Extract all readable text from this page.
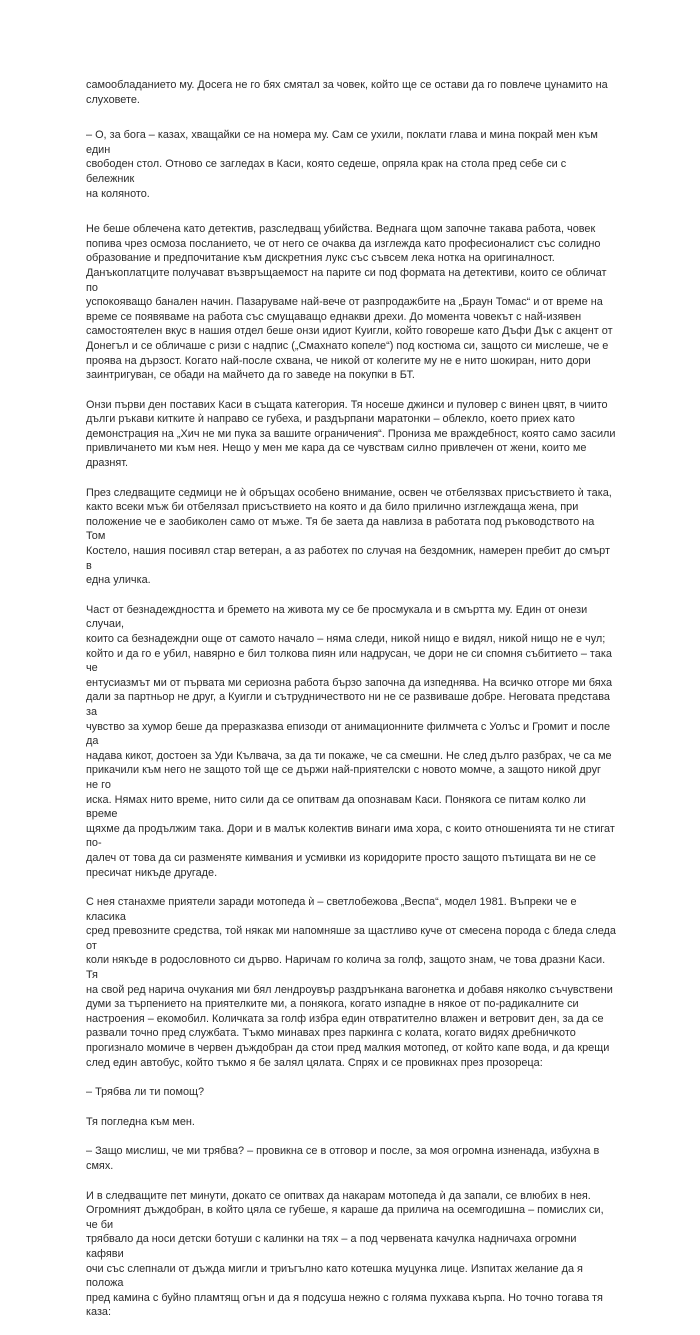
самообладанието му. Досега не го бях смятал за човек, който ще се остави да го повлече цунамито на
слуховете.

– О, за бога – казах, хващайки се на номера му. Сам се ухили, поклати глава и мина покрай мен към един
свободен стол. Отново се загледах в Каси, която седеше, опряла крак на стола пред себе си с бележник
на коляното.

Не беше облечена като детектив, разследващ убийства. Веднага щом започне такава работа, човек
попива чрез осмоза посланието, че от него се очаква да изглежда като професионалист със солидно
образование и предпочитание към дискретния лукс със съвсем лека нотка на оригиналност.
Данъкоплатците получават възвръщаемост на парите си под формата на детективи, които се обличат по
успокояващо банален начин. Пазаруваме най-вече от разпродажбите на „Браун Томас“ и от време на
време се появяваме на работа със смущаващо еднакви дрехи. До момента човекът с най-изявен
самостоятелен вкус в нашия отдел беше онзи идиот Куигли, който говореше като Дъфи Дък с акцент от
Донегъл и се обличаше с ризи с надпис („Смахнато копеле“) под костюма си, защото си мислеше, че е
проява на дързост. Когато най-после схвана, че никой от колегите му не е нито шокиран, нито дори
заинтригуван, се обади на майчето да го заведе на покупки в БТ.

Онзи първи ден поставих Каси в същата категория. Тя носеше джинси и пуловер с винен цвят, в чиито
дълги ръкави киткитe ѝ направо се губеха, и раздърпани маратонки – облекло, което приех като
демонстрация на „Хич не ми пука за вашите ограничения“. Прониза ме враждебност, която само засили
привличането ми към нея. Нещо у мен ме кара да се чувствам силно привлечен от жени, които ме дразнят.

През следващите седмици не ѝ обръщах особено внимание, освен че отбелязвах присъствието ѝ така,
както всеки мъж би отбелязал присъствието на която и да било прилично изглеждаща жена, при
положение че е заобиколен само от мъже. Тя бе заета да навлиза в работата под ръководството на Том
Костело, нашия посивял стар ветеран, а аз работех по случая на бездомник, намерен пребит до смърт в
една уличка.

Част от безнадеждността и бремето на живота му се бе просмукала и в смъртта му. Един от онези случаи,
които са безнадеждни още от самото начало – няма следи, никой нищо е видял, никой нищо не е чул;
който и да го е убил, навярно е бил толкова пиян или надрусан, че дори не си спомня събитието – така че
ентусиазмът ми от първата ми сериозна работа бързо започна да изпеднява. На всичко отгоре ми бяха
дали за партньор не друг, а Куигли и сътрудничеството ни не се развиваше добре. Неговата представа за
чувство за хумор беше да преразказва епизоди от анимационните филмчета с Уолъс и Громит и после да
надава кикот, достоен за Уди Кълвача, за да ти покаже, че са смешни. Не след дълго разбрах, че са ме
прикачили към него не защото той ще се държи най-приятелски с новото момче, а защото никой друг не го
иска. Нямах нито време, нито сили да се опитвам да опознавам Каси. Понякога се питам колко ли време
щяхме да продължим така. Дори и в малък колектив винаги има хора, с които отношенията ти не стигат по-
далеч от това да си разменяте кимвания и усмивки из коридорите просто защото пътищата ви не се
пресичат никъде другаде.

С нея станахме приятели заради мотопеда ѝ – светлобежова „Веспа“, модел 1981. Въпреки че е класика
сред превозните средства, той някак ми напомняше за щастливо куче от смесена порода с бледа следа от
коли някъде в родословното си дърво. Наричам го колича за голф, защото знам, че това дразни Каси. Тя
на свой ред нарича очукания ми бял лендроувър раздрънкана вагонетка и добавя няколко съчувствени
думи за търпението на приятелките ми, а понякога, когато изпадне в някое от по-радикалните си
настроения – екомобил. Количката за голф избра един отвратително влажен и ветровит ден, за да се
развали точно пред службата. Тъкмо минавах през паркинга с колата, когато видях дребничкото
прогизнало момиче в червен дъждобран да стои пред малкия мотопед, от който капе вода, и да крещи
след един автобус, който тъкмо я бе залял цялата. Спрях и се провикнах през прозореца:

– Трябва ли ти помощ?

Тя погледна към мен.

– Защо мислиш, че ми трябва? – провикна се в отговор и после, за моя огромна изненада, избухна в смях.

И в следващите пет минути, докато се опитвах да накарам мотопеда ѝ да запали, се влюбих в нея.
Огромният дъждобран, в който цяла се губеше, я караше да прилича на осемгодишна – помислих си, че би
трябвало да носи детски ботуши с калинки на тях – а под червената качулка надничаха огромни кафяви
очи със слепнали от дъжда мигли и триъгълно като котешка муцунка лице. Изпитах желание да я положа
пред камина с буйно пламтящ огън и да я подсуша нежно с голяма пухкава кърпа. Но точно тогава тя каза:
